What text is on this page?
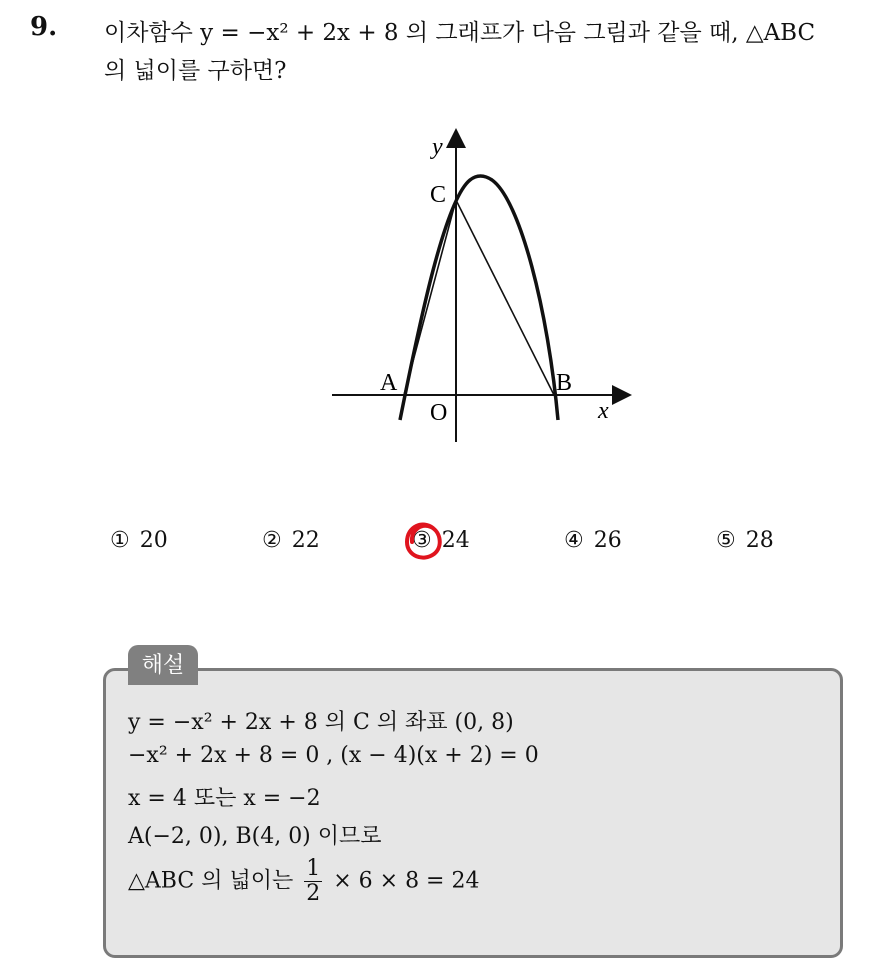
9. 이차함수 y = −x² + 2x + 8 의 그래프가 다음 그림과 같을 때, △ABC
의 넓이를 구하면?
y
x
C
A	B
O
① 20	② 22	③ 24	④ 26	⑤ 28
y = −x² + 2x + 8 의 C 의 좌표 (0, 8)
−x² + 2x + 8 = 0 , (x − 4)(x + 2) = 0
x = 4 또는 x = −2
A(−2, 0), B(4, 0) 이므로
△ABC 의 넓이는 $\frac{1}{2} \times 6 \times 8 = 24$
해설
